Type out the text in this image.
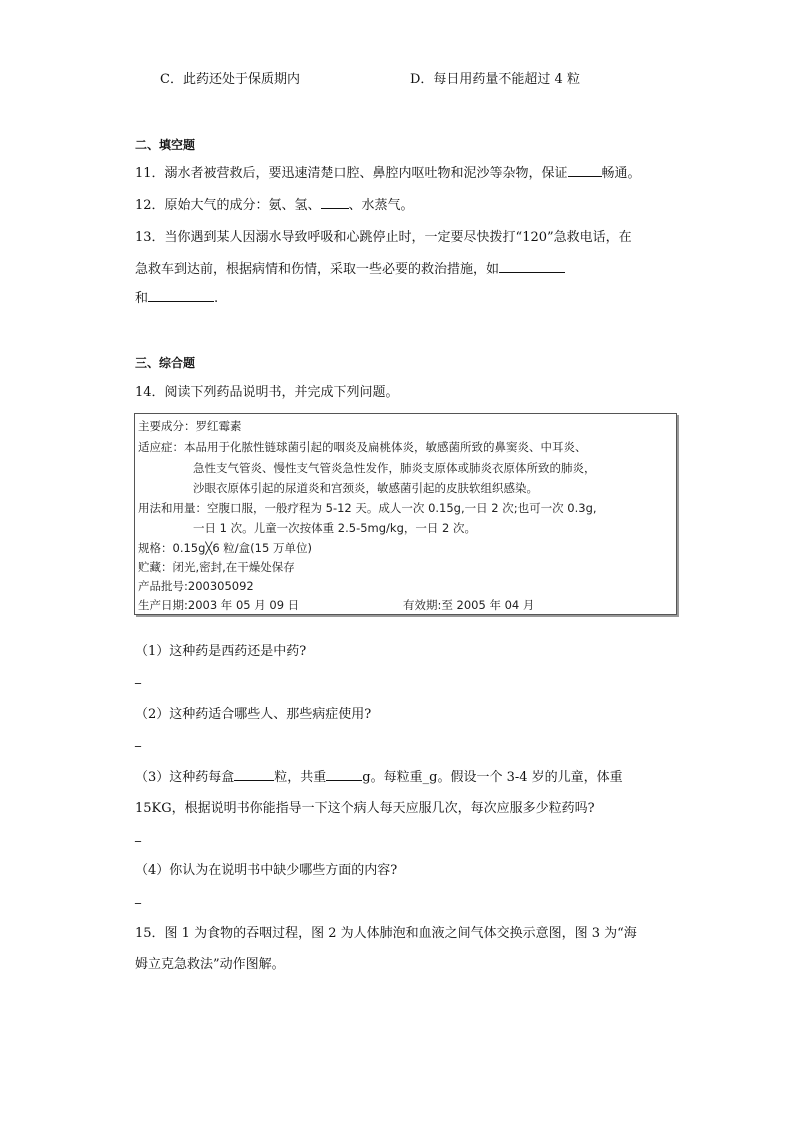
C．此药还处于保质期内	D．每日用药量不能超过 4 粒
二、填空题
11．溺水者被营救后，要迅速清楚口腔、鼻腔内呕吐物和泥沙等杂物，保证	畅通。
12．原始大气的成分：氨、氢、 、水蒸气。
13．当你遇到某人因溺水导致呼吸和心跳停止时，一定要尽快拨打“120”急救电话，在
急救车到达前，根据病情和伤情，采取一些必要的救治措施，如
和	.
三、综合题
14．阅读下列药品说明书，并完成下列问题。
主要成分：罗红霉素
适应症：本品用于化脓性链球菌引起的咽炎及扁桃体炎，敏感菌所致的鼻窦炎、中耳炎、
急性支气管炎、慢性支气管炎急性发作，肺炎支原体或肺炎衣原体所致的肺炎，
沙眼衣原体引起的尿道炎和宫颈炎，敏感菌引起的皮肤软组织感染。
用法和用量：空腹口服，一般疗程为 5-12 天。成人一次 0.15g,一日 2 次;也可一次 0.3g,
一日 1 次。儿童一次按体重 2.5-5mg/kg，一日 2 次。
规格：0.15g╳6 粒/盒(15 万单位)
贮藏：闭光,密封,在干燥处保存
产品批号:200305092
生产日期:2003 年 05 月 09 日	有效期:至 2005 年 04 月
（1）这种药是西药还是中药?
_
（2）这种药适合哪些人、那些病症使用?
_
（3）这种药每盒	粒，共重	g。每粒重_g。假设一个 3-4 岁的儿童，体重
15KG，根据说明书你能指导一下这个病人每天应服几次，每次应服多少粒药吗?
_
（4）你认为在说明书中缺少哪些方面的内容?
_
15．图 1 为食物的吞咽过程，图 2 为人体肺泡和血液之间气体交换示意图，图 3 为“海
姆立克急救法”动作图解。
